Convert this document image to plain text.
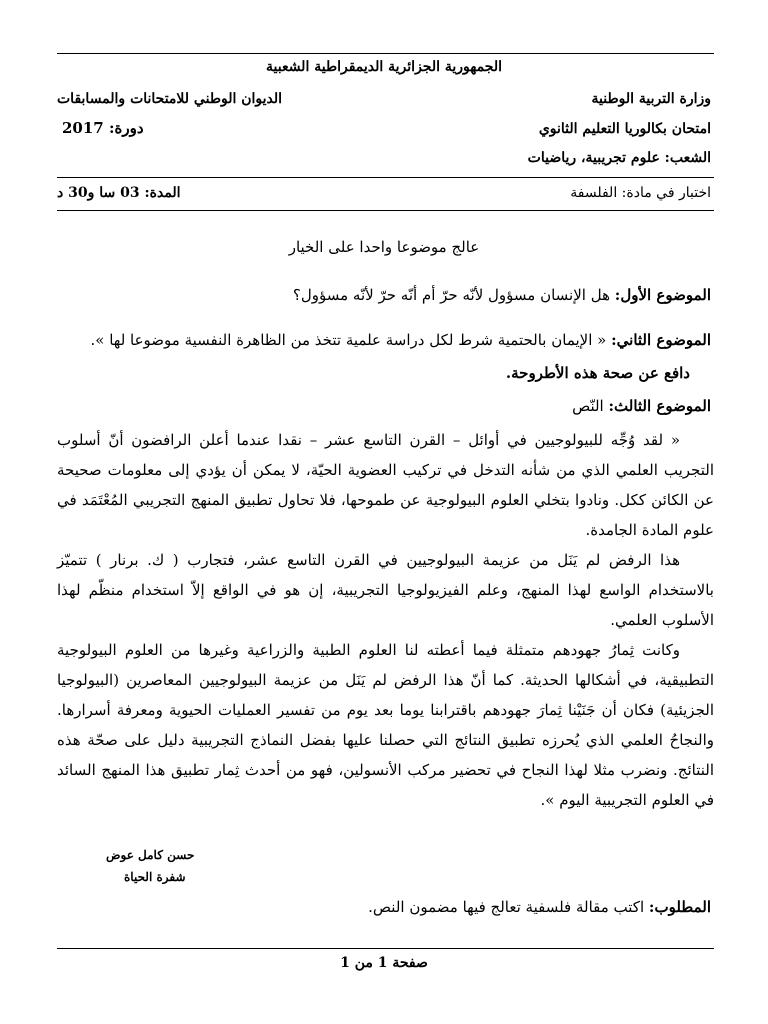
الجمهورية الجزائرية الديمقراطية الشعبية
وزارة التربية الوطنية
الديوان الوطني للامتحانات والمسابقات
امتحان بكالوريا التعليم الثانوي
دورة: 2017
الشعب: علوم تجريبية، رياضيات
اختبار في مادة: الفلسفة
المدة: 03 سا و30 د
عالج موضوعا واحدا على الخيار
الموضوع الأول: هل الإنسان مسؤول لأنّه حرّ أم أنّه حرّ لأنّه مسؤول؟
الموضوع الثاني: « الإيمان بالحتمية شرط لكل دراسة علمية تتخذ من الظاهرة النفسية موضوعا لها ».
دافع عن صحة هذه الأطروحة.
الموضوع الثالث: النّص

« لقد وُجِّه للبيولوجيين في أوائل – القرن التاسع عشر – نقدا عندما أعلن الرافضون أنّ أسلوب التجريب العلمي الذي من شأنه التدخل في تركيب العضوية الحيّة، لا يمكن أن يؤدي إلى معلومات صحيحة عن الكائن ككل. ونادوا بتخلي العلوم البيولوجية عن طموحها، فلا تحاول تطبيق المنهج التجريبي المُعْتَمَد في علوم المادة الجامدة.

هذا الرفض لم يَنَل من عزيمة البيولوجيين في القرن التاسع عشر، فتجارب ( ك. برنار ) تتميّز بالاستخدام الواسع لهذا المنهج، وعلم الفيزيولوجيا التجريبية، إن هو في الواقع إلاّ استخدام منظّم لهذا الأسلوب العلمي.

وكانت ثِمارُ جهودهم متمثلة فيما أعطته لنا العلوم الطبية والزراعية وغيرها من العلوم البيولوجية التطبيقية، في أشكالها الحديثة. كما أنّ هذا الرفض لم يَنَل من عزيمة البيولوجيين المعاصرين (البيولوجيا الجزيئية) فكان أن جَنَيْنا ثِمارَ جهودهم باقترابنا يوما بعد يوم من تفسير العمليات الحيوية ومعرفة أسرارها. والنجاحُ العلمي الذي يُحرزه تطبيق النتائج التي حصلنا عليها بفضل النماذج التجريبية دليل على صحّة هذه النتائج. ونضرب مثلا لهذا النجاح في تحضير مركب الأنسولين، فهو من أحدث ثِمار تطبيق هذا المنهج السائد في العلوم التجريبية اليوم ».

حسن كامل عوض
شفرة الحياة
المطلوب: اكتب مقالة فلسفية تعالج فيها مضمون النص.
صفحة 1 من 1
